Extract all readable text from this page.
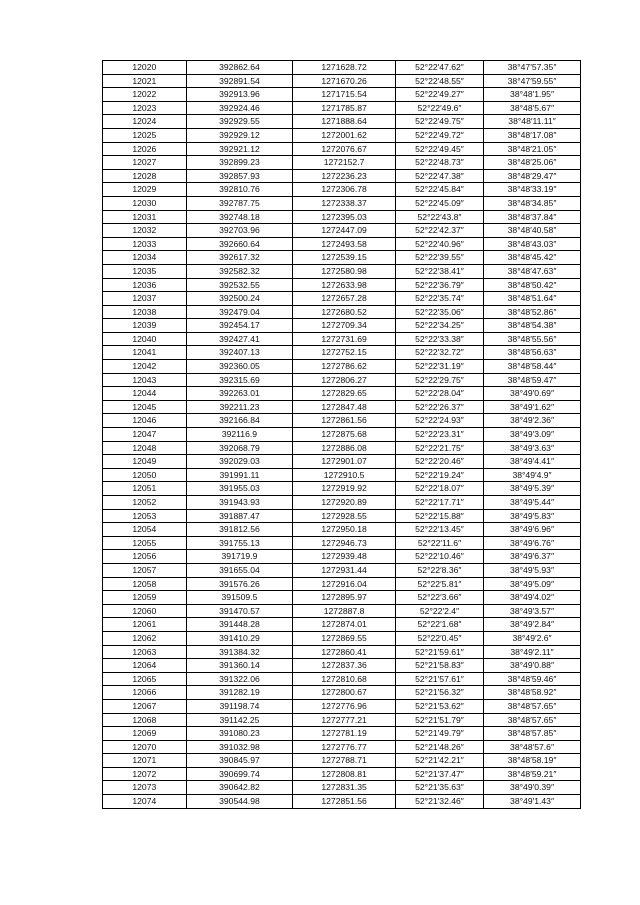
12020	392862.64	1271628.72	52°22′47.62″	38°47′57.35″
12021	392891.54	1271670.26	52°22′48.55″	38°47′59.55″
12022	392913.96	1271715.54	52°22′49.27″	38°48′1.95″
12023	392924.46	1271785.87	52°22′49.6″	38°48′5.67″
12024	392929.55	1271888.64	52°22′49.75″	38°48′11.11″
12025	392929.12	1272001.62	52°22′49.72″	38°48′17.08″
12026	392921.12	1272076.67	52°22′49.45″	38°48′21.05″
12027	392899.23	1272152.7	52°22′48.73″	38°48′25.06″
12028	392857.93	1272236.23	52°22′47.38″	38°48′29.47″
12029	392810.76	1272306.78	52°22′45.84″	38°48′33.19″
12030	392787.75	1272338.37	52°22′45.09″	38°48′34.85″
12031	392748.18	1272395.03	52°22′43.8″	38°48′37.84″
12032	392703.96	1272447.09	52°22′42.37″	38°48′40.58″
12033	392660.64	1272493.58	52°22′40.96″	38°48′43.03″
12034	392617.32	1272539.15	52°22′39.55″	38°48′45.42″
12035	392582.32	1272580.98	52°22′38.41″	38°48′47.63″
12036	392532.55	1272633.98	52°22′36.79″	38°48′50.42″
12037	392500.24	1272657.28	52°22′35.74″	38°48′51.64″
12038	392479.04	1272680.52	52°22′35.06″	38°48′52.86″
12039	392454.17	1272709.34	52°22′34.25″	38°48′54.38″
12040	392427.41	1272731.69	52°22′33.38″	38°48′55.56″
12041	392407.13	1272752.15	52°22′32.72″	38°48′56.63″
12042	392360.05	1272786.62	52°22′31.19″	38°48′58.44″
12043	392315.69	1272806.27	52°22′29.75″	38°48′59.47″
12044	392263.01	1272829.65	52°22′28.04″	38°49′0.69″
12045	392211.23	1272847.48	52°22′26.37″	38°49′1.62″
12046	392166.84	1272861.56	52°22′24.93″	38°49′2.36″
12047	392116.9	1272875.68	52°22′23.31″	38°49′3.09″
12048	392068.79	1272886.08	52°22′21.75″	38°49′3.63″
12049	392029.03	1272901.07	52°22′20.46″	38°49′4.41″
12050	391991.11	1272910.5	52°22′19.24″	38°49′4.9″
12051	391955.03	1272919.92	52°22′18.07″	38°49′5.39″
12052	391943.93	1272920.89	52°22′17.71″	38°49′5.44″
12053	391887.47	1272928.55	52°22′15.88″	38°49′5.83″
12054	391812.56	1272950.18	52°22′13.45″	38°49′6.96″
12055	391755.13	1272946.73	52°22′11.6″	38°49′6.76″
12056	391719.9	1272939.48	52°22′10.46″	38°49′6.37″
12057	391655.04	1272931.44	52°22′8.36″	38°49′5.93″
12058	391576.26	1272916.04	52°22′5.81″	38°49′5.09″
12059	391509.5	1272895.97	52°22′3.66″	38°49′4.02″
12060	391470.57	1272887.8	52°22′2.4″	38°49′3.57″
12061	391448.28	1272874.01	52°22′1.68″	38°49′2.84″
12062	391410.29	1272869.55	52°22′0.45″	38°49′2.6″
12063	391384.32	1272860.41	52°21′59.61″	38°49′2.11″
12064	391360.14	1272837.36	52°21′58.83″	38°49′0.88″
12065	391322.06	1272810.68	52°21′57.61″	38°48′59.46″
12066	391282.19	1272800.67	52°21′56.32″	38°48′58.92″
12067	391198.74	1272776.96	52°21′53.62″	38°48′57.65″
12068	391142.25	1272777.21	52°21′51.79″	38°48′57.65″
12069	391080.23	1272781.19	52°21′49.79″	38°48′57.85″
12070	391032.98	1272776.77	52°21′48.26″	38°48′57.6″
12071	390845.97	1272788.71	52°21′42.21″	38°48′58.19″
12072	390699.74	1272808.81	52°21′37.47″	38°48′59.21″
12073	390642.82	1272831.35	52°21′35.63″	38°49′0.39″
12074	390544.98	1272851.56	52°21′32.46″	38°49′1.43″
